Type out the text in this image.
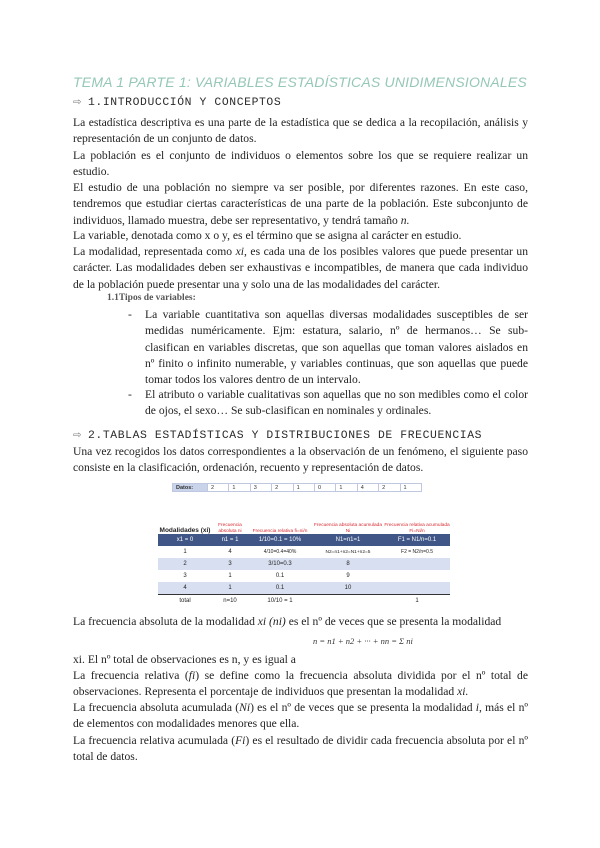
TEMA 1 PARTE 1: VARIABLES ESTADÍSTICAS UNIDIMENSIONALES
⇨ 1.INTRODUCCIÓN Y CONCEPTOS
La estadística descriptiva es una parte de la estadística que se dedica a la recopilación, análisis y representación de un conjunto de datos.
La población es el conjunto de individuos o elementos sobre los que se requiere realizar un estudio.
El estudio de una población no siempre va ser posible, por diferentes razones. En este caso, tendremos que estudiar ciertas características de una parte de la población. Este subconjunto de individuos, llamado muestra, debe ser representativo, y tendrá tamaño n.
La variable, denotada como x o y, es el término que se asigna al carácter en estudio.
La modalidad, representada como xi, es cada una de los posibles valores que puede presentar un carácter. Las modalidades deben ser exhaustivas e incompatibles, de manera que cada individuo de la población puede presentar una y solo una de las modalidades del carácter.
1.1Tipos de variables:
- La variable cuantitativa son aquellas diversas modalidades susceptibles de ser medidas numéricamente. Ejm: estatura, salario, nº de hermanos… Se sub-clasifican en variables discretas, que son aquellas que toman valores aislados en nº finito o infinito numerable, y variables continuas, que son aquellas que puede tomar todos los valores dentro de un intervalo.
- El atributo o variable cualitativas son aquellas que no son medibles como el color de ojos, el sexo… Se sub-clasifican en nominales y ordinales.
⇨ 2.TABLAS ESTADÍSTICAS Y DISTRIBUCIONES DE FRECUENCIAS
Una vez recogidos los datos correspondientes a la observación de un fenómeno, el siguiente paso consiste en la clasificación, ordenación, recuento y representación de datos.
Datos:	2	1	3	2	1	0	1	4	2	1
Modalidades (xi)	Frecuencia absoluta ni	Frecuencia relativa fi=ni/n	Frecuencia absoluta acumulada Ni	Frecuencia relativa acumulada Fi=Ni/n
x1 = 0	n1 = 1	1/10=0.1 = 10%	N1=n1=1	F1 = N1/n=0.1
1	4	4/10=0.4=40%	N2=n1+n2=N1+n2=5	F2 = N2/n=0.5
2	3	3/10=0.3	8	
3	1	0.1	9	
4	1	0.1	10	
total	n=10	10/10 = 1		1
La frecuencia absoluta de la modalidad xi (ni) es el nº de veces que se presenta la modalidad
n = n1 + n2 + ··· + nn = Σ ni
xi. El nº total de observaciones es n, y es igual a
La frecuencia relativa (fi) se define como la frecuencia absoluta dividida por el nº total de observaciones. Representa el porcentaje de individuos que presentan la modalidad xi.
La frecuencia absoluta acumulada (Ni) es el nº de veces que se presenta la modalidad i, más el nº de elementos con modalidades menores que ella.
La frecuencia relativa acumulada (Fi) es el resultado de dividir cada frecuencia absoluta por el nº total de datos.
